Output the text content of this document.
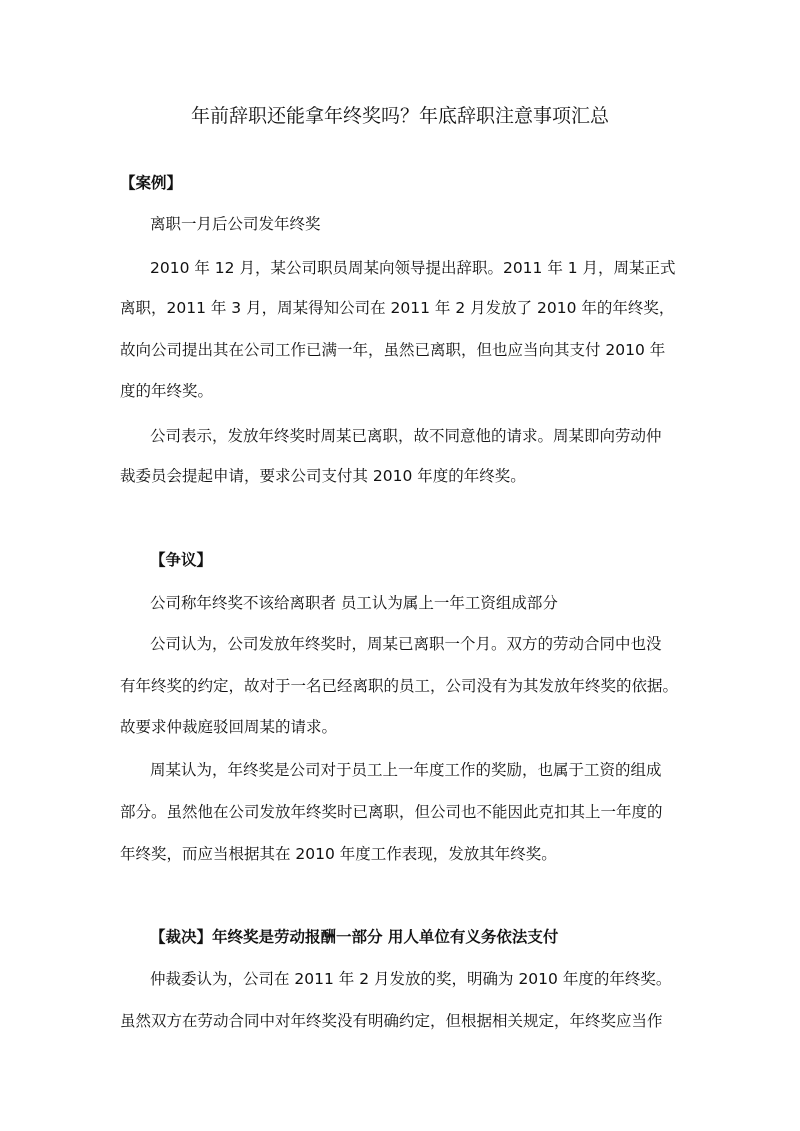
年前辞职还能拿年终奖吗？年底辞职注意事项汇总
【案例】
离职一月后公司发年终奖
2010 年 12 月，某公司职员周某向领导提出辞职。2011 年 1 月，周某正式
离职，2011 年 3 月，周某得知公司在 2011 年 2 月发放了 2010 年的年终奖，
故向公司提出其在公司工作已满一年，虽然已离职，但也应当向其支付 2010 年
度的年终奖。
公司表示，发放年终奖时周某已离职，故不同意他的请求。周某即向劳动仲
裁委员会提起申请，要求公司支付其 2010 年度的年终奖。
【争议】
公司称年终奖不该给离职者 员工认为属上一年工资组成部分
公司认为，公司发放年终奖时，周某已离职一个月。双方的劳动合同中也没
有年终奖的约定，故对于一名已经离职的员工，公司没有为其发放年终奖的依据。
故要求仲裁庭驳回周某的请求。
周某认为，年终奖是公司对于员工上一年度工作的奖励，也属于工资的组成
部分。虽然他在公司发放年终奖时已离职，但公司也不能因此克扣其上一年度的
年终奖，而应当根据其在 2010 年度工作表现，发放其年终奖。
【裁决】年终奖是劳动报酬一部分 用人单位有义务依法支付
仲裁委认为，公司在 2011 年 2 月发放的奖，明确为 2010 年度的年终奖。
虽然双方在劳动合同中对年终奖没有明确约定，但根据相关规定，年终奖应当作
